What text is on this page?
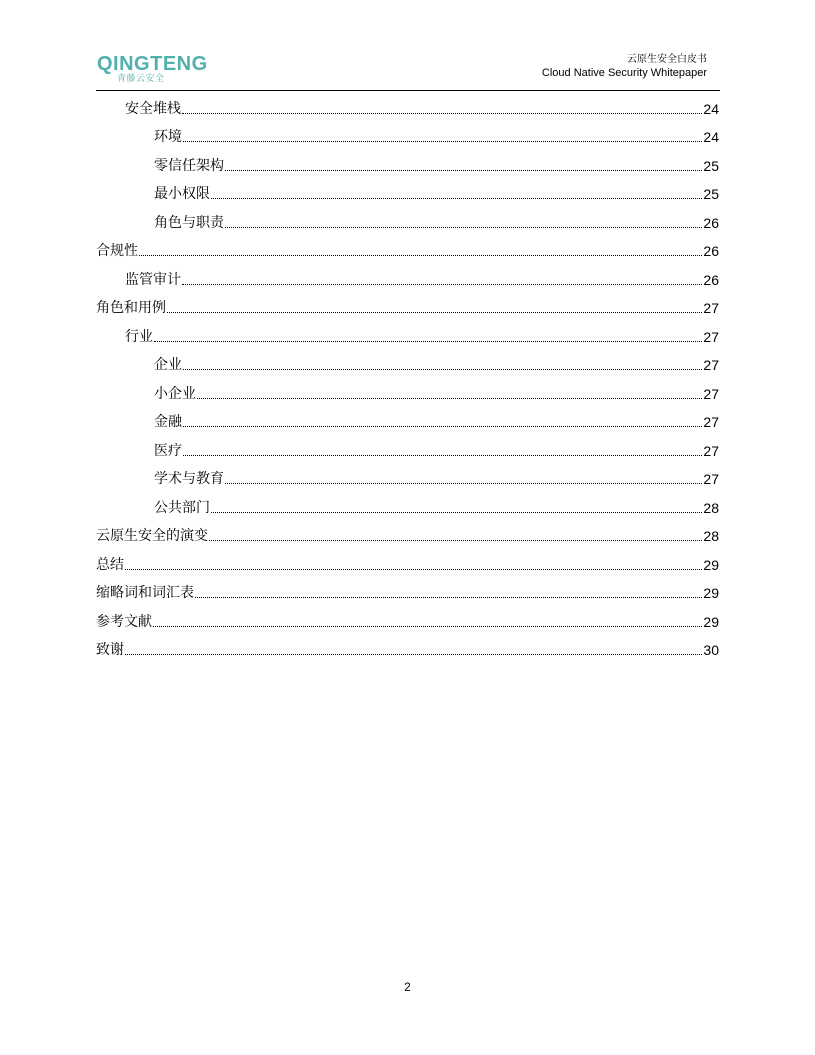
QINGTENG
青藤云安全
云原生安全白皮书
Cloud Native Security Whitepaper
安全堆栈	24
环境	24
零信任架构	25
最小权限	25
角色与职责	26
合规性	26
监管审计	26
角色和用例	27
行业	27
企业	27
小企业	27
金融	27
医疗	27
学术与教育	27
公共部门	28
云原生安全的演变	28
总结	29
缩略词和词汇表	29
参考文献	29
致谢	30
2
